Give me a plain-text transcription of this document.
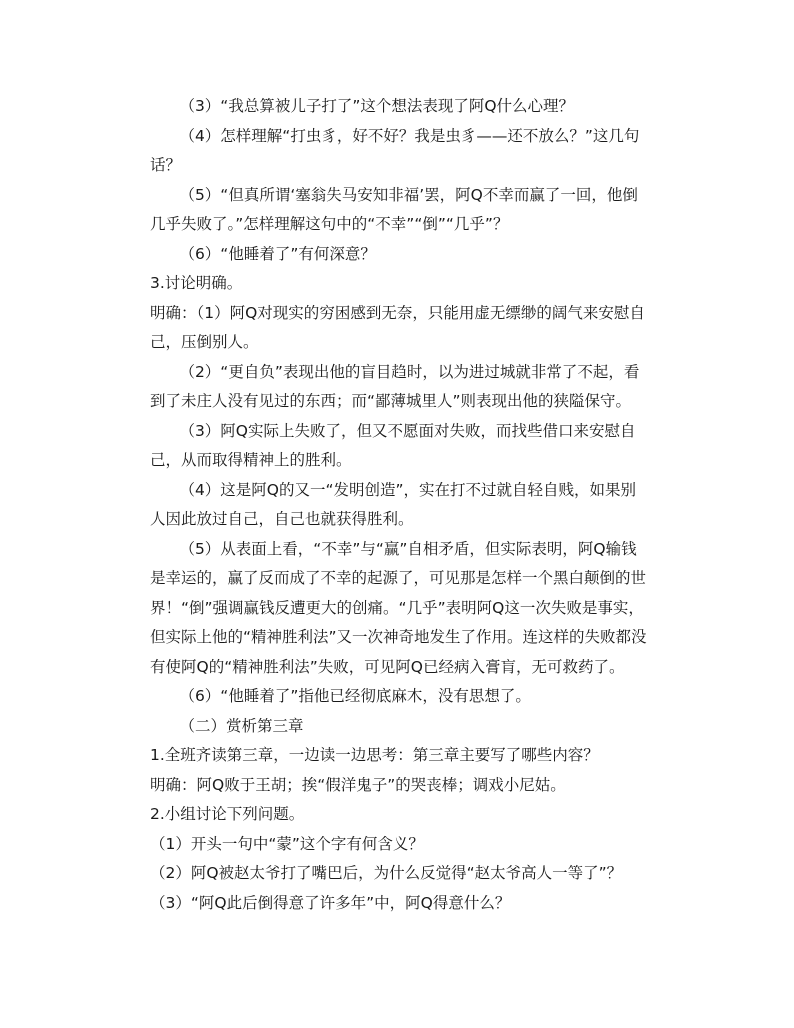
（3）“我总算被儿子打了”这个想法表现了阿Q什么心理？

（4）怎样理解“打虫豸，好不好？我是虫豸——还不放么？”这几句话？

（5）“但真所谓‘塞翁失马安知非福’罢，阿Q不幸而赢了一回，他倒几乎失败了。”怎样理解这句中的“不幸”“倒”“几乎”？

（6）“他睡着了”有何深意？

3.讨论明确。

明确：（1）阿Q对现实的穷困感到无奈，只能用虚无缥缈的阔气来安慰自己，压倒别人。

（2）“更自负”表现出他的盲目趋时，以为进过城就非常了不起，看到了未庄人没有见过的东西；而“鄙薄城里人”则表现出他的狭隘保守。

（3）阿Q实际上失败了，但又不愿面对失败，而找些借口来安慰自己，从而取得精神上的胜利。

（4）这是阿Q的又一“发明创造”，实在打不过就自轻自贱，如果别人因此放过自己，自己也就获得胜利。

（5）从表面上看，“不幸”与“赢”自相矛盾，但实际表明，阿Q输钱是幸运的，赢了反而成了不幸的起源了，可见那是怎样一个黑白颠倒的世界！“倒”强调赢钱反遭更大的创痛。“几乎”表明阿Q这一次失败是事实，但实际上他的“精神胜利法”又一次神奇地发生了作用。连这样的失败都没有使阿Q的“精神胜利法”失败，可见阿Q已经病入膏肓，无可救药了。

（6）“他睡着了”指他已经彻底麻木，没有思想了。

（二）赏析第三章

1.全班齐读第三章，一边读一边思考：第三章主要写了哪些内容？

明确：阿Q败于王胡；挨“假洋鬼子”的哭丧棒；调戏小尼姑。

2.小组讨论下列问题。

（1）开头一句中“蒙”这个字有何含义？

（2）阿Q被赵太爷打了嘴巴后，为什么反觉得“赵太爷高人一等了”？

（3）“阿Q此后倒得意了许多年”中，阿Q得意什么？
